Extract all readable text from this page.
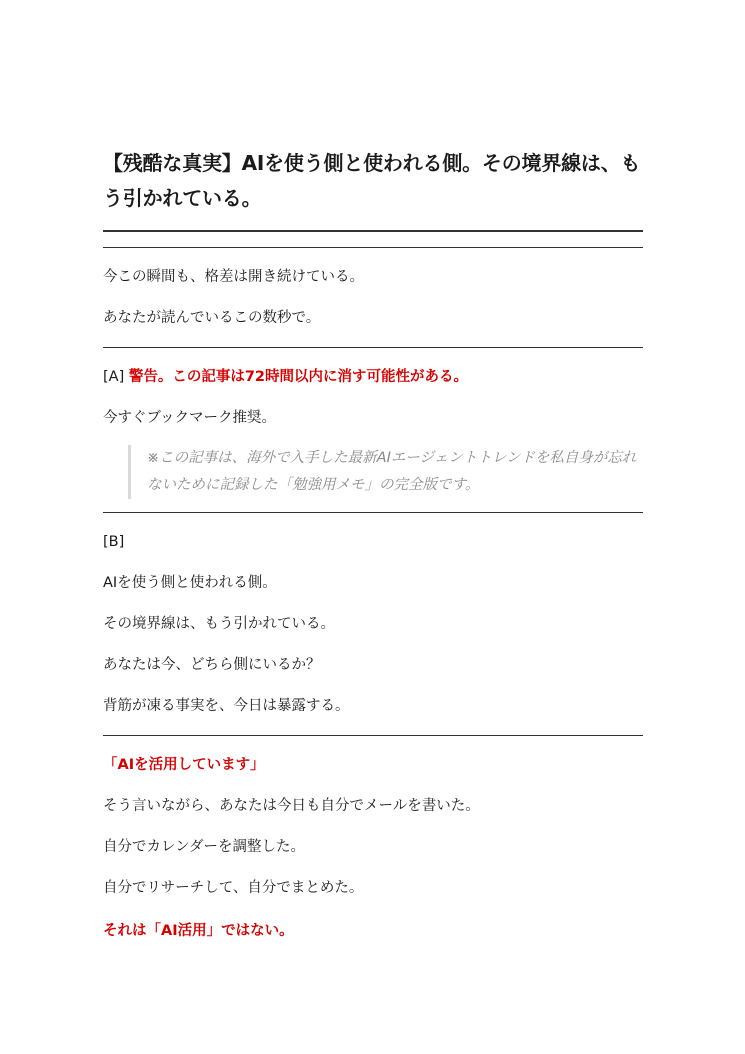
【残酷な真実】AIを使う側と使われる側。その境界線は、もう引かれている。

今この瞬間も、格差は開き続けている。

あなたが読んでいるこの数秒で。

[A] 警告。この記事は72時間以内に消す可能性がある。

今すぐブックマーク推奨。

※この記事は、海外で入手した最新AIエージェントトレンドを私自身が忘れないために記録した「勉強用メモ」の完全版です。

[B]

AIを使う側と使われる側。

その境界線は、もう引かれている。

あなたは今、どちら側にいるか？

背筋が凍る事実を、今日は暴露する。

「AIを活用しています」

そう言いながら、あなたは今日も自分でメールを書いた。

自分でカレンダーを調整した。

自分でリサーチして、自分でまとめた。

それは「AI活用」ではない。
